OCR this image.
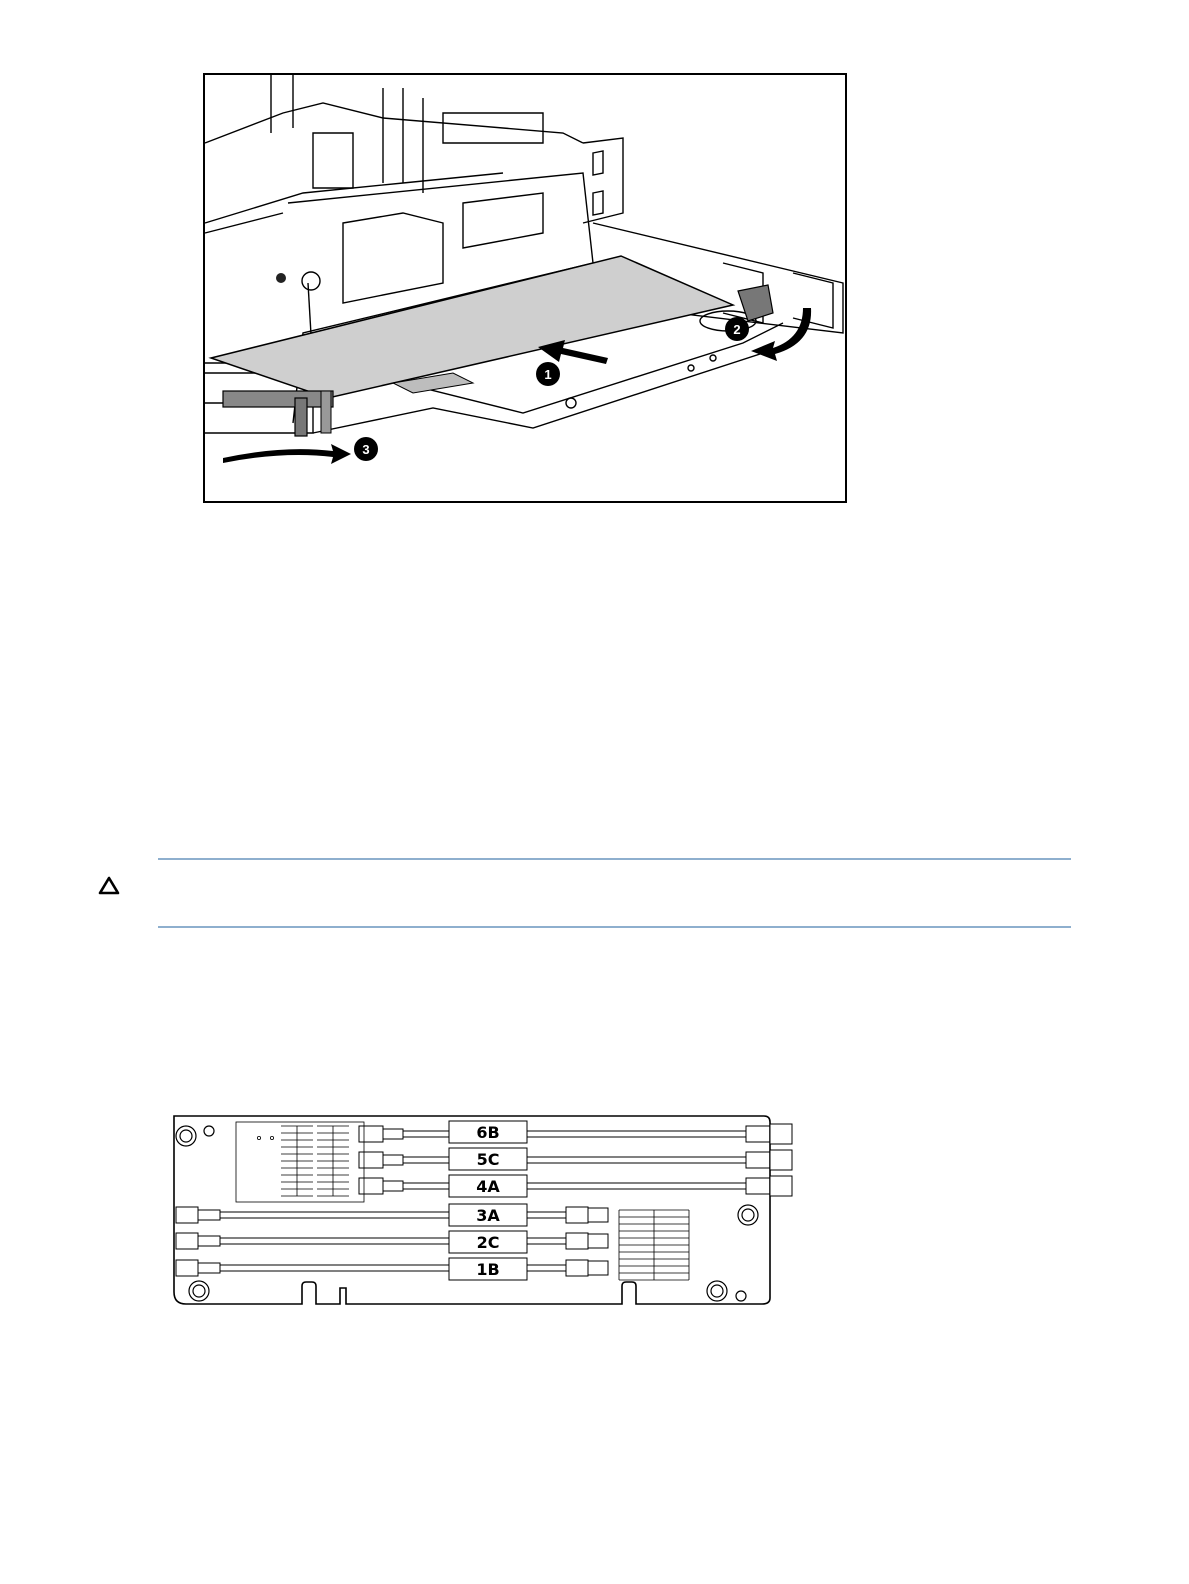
1
2
3
6B
5C
4A
3A
2C
1B
